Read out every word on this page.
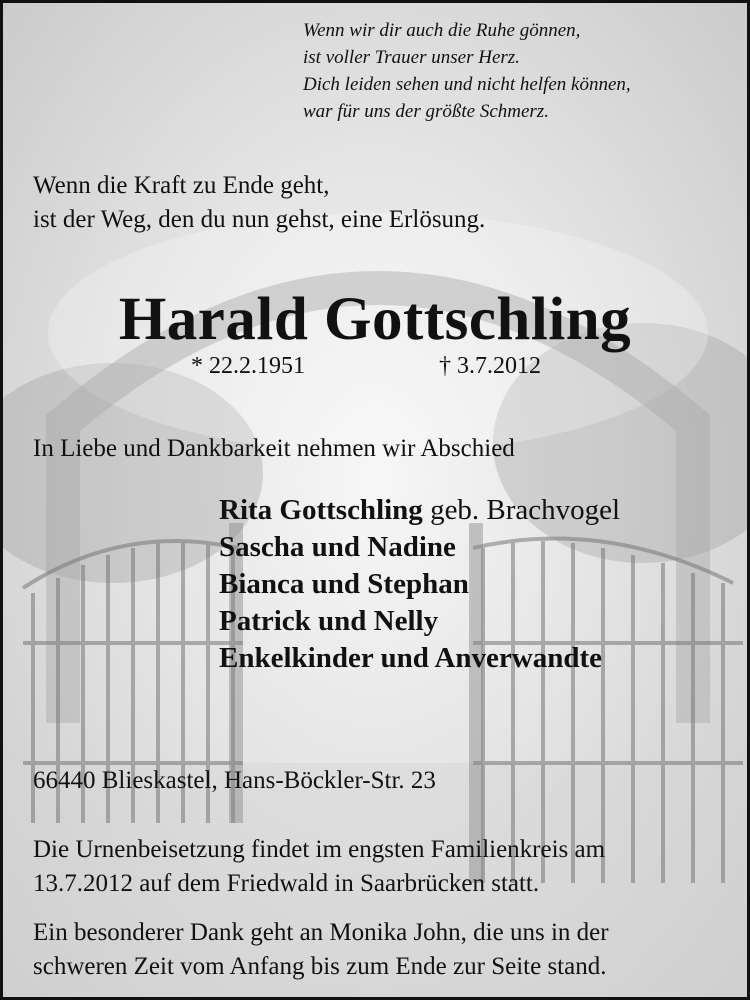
Wenn wir dir auch die Ruhe gönnen,
ist voller Trauer unser Herz.
Dich leiden sehen und nicht helfen können,
war für uns der größte Schmerz.
Wenn die Kraft zu Ende geht,
ist der Weg, den du nun gehst, eine Erlösung.
Harald Gottschling
* 22.2.1951	† 3.7.2012
In Liebe und Dankbarkeit nehmen wir Abschied
Rita Gottschling geb. Brachvogel
Sascha und Nadine
Bianca und Stephan
Patrick und Nelly
Enkelkinder und Anverwandte
66440 Blieskastel, Hans-Böckler-Str. 23
Die Urnenbeisetzung findet im engsten Familienkreis am
13.7.2012 auf dem Friedwald in Saarbrücken statt.
Ein besonderer Dank geht an Monika John, die uns in der
schweren Zeit vom Anfang bis zum Ende zur Seite stand.
